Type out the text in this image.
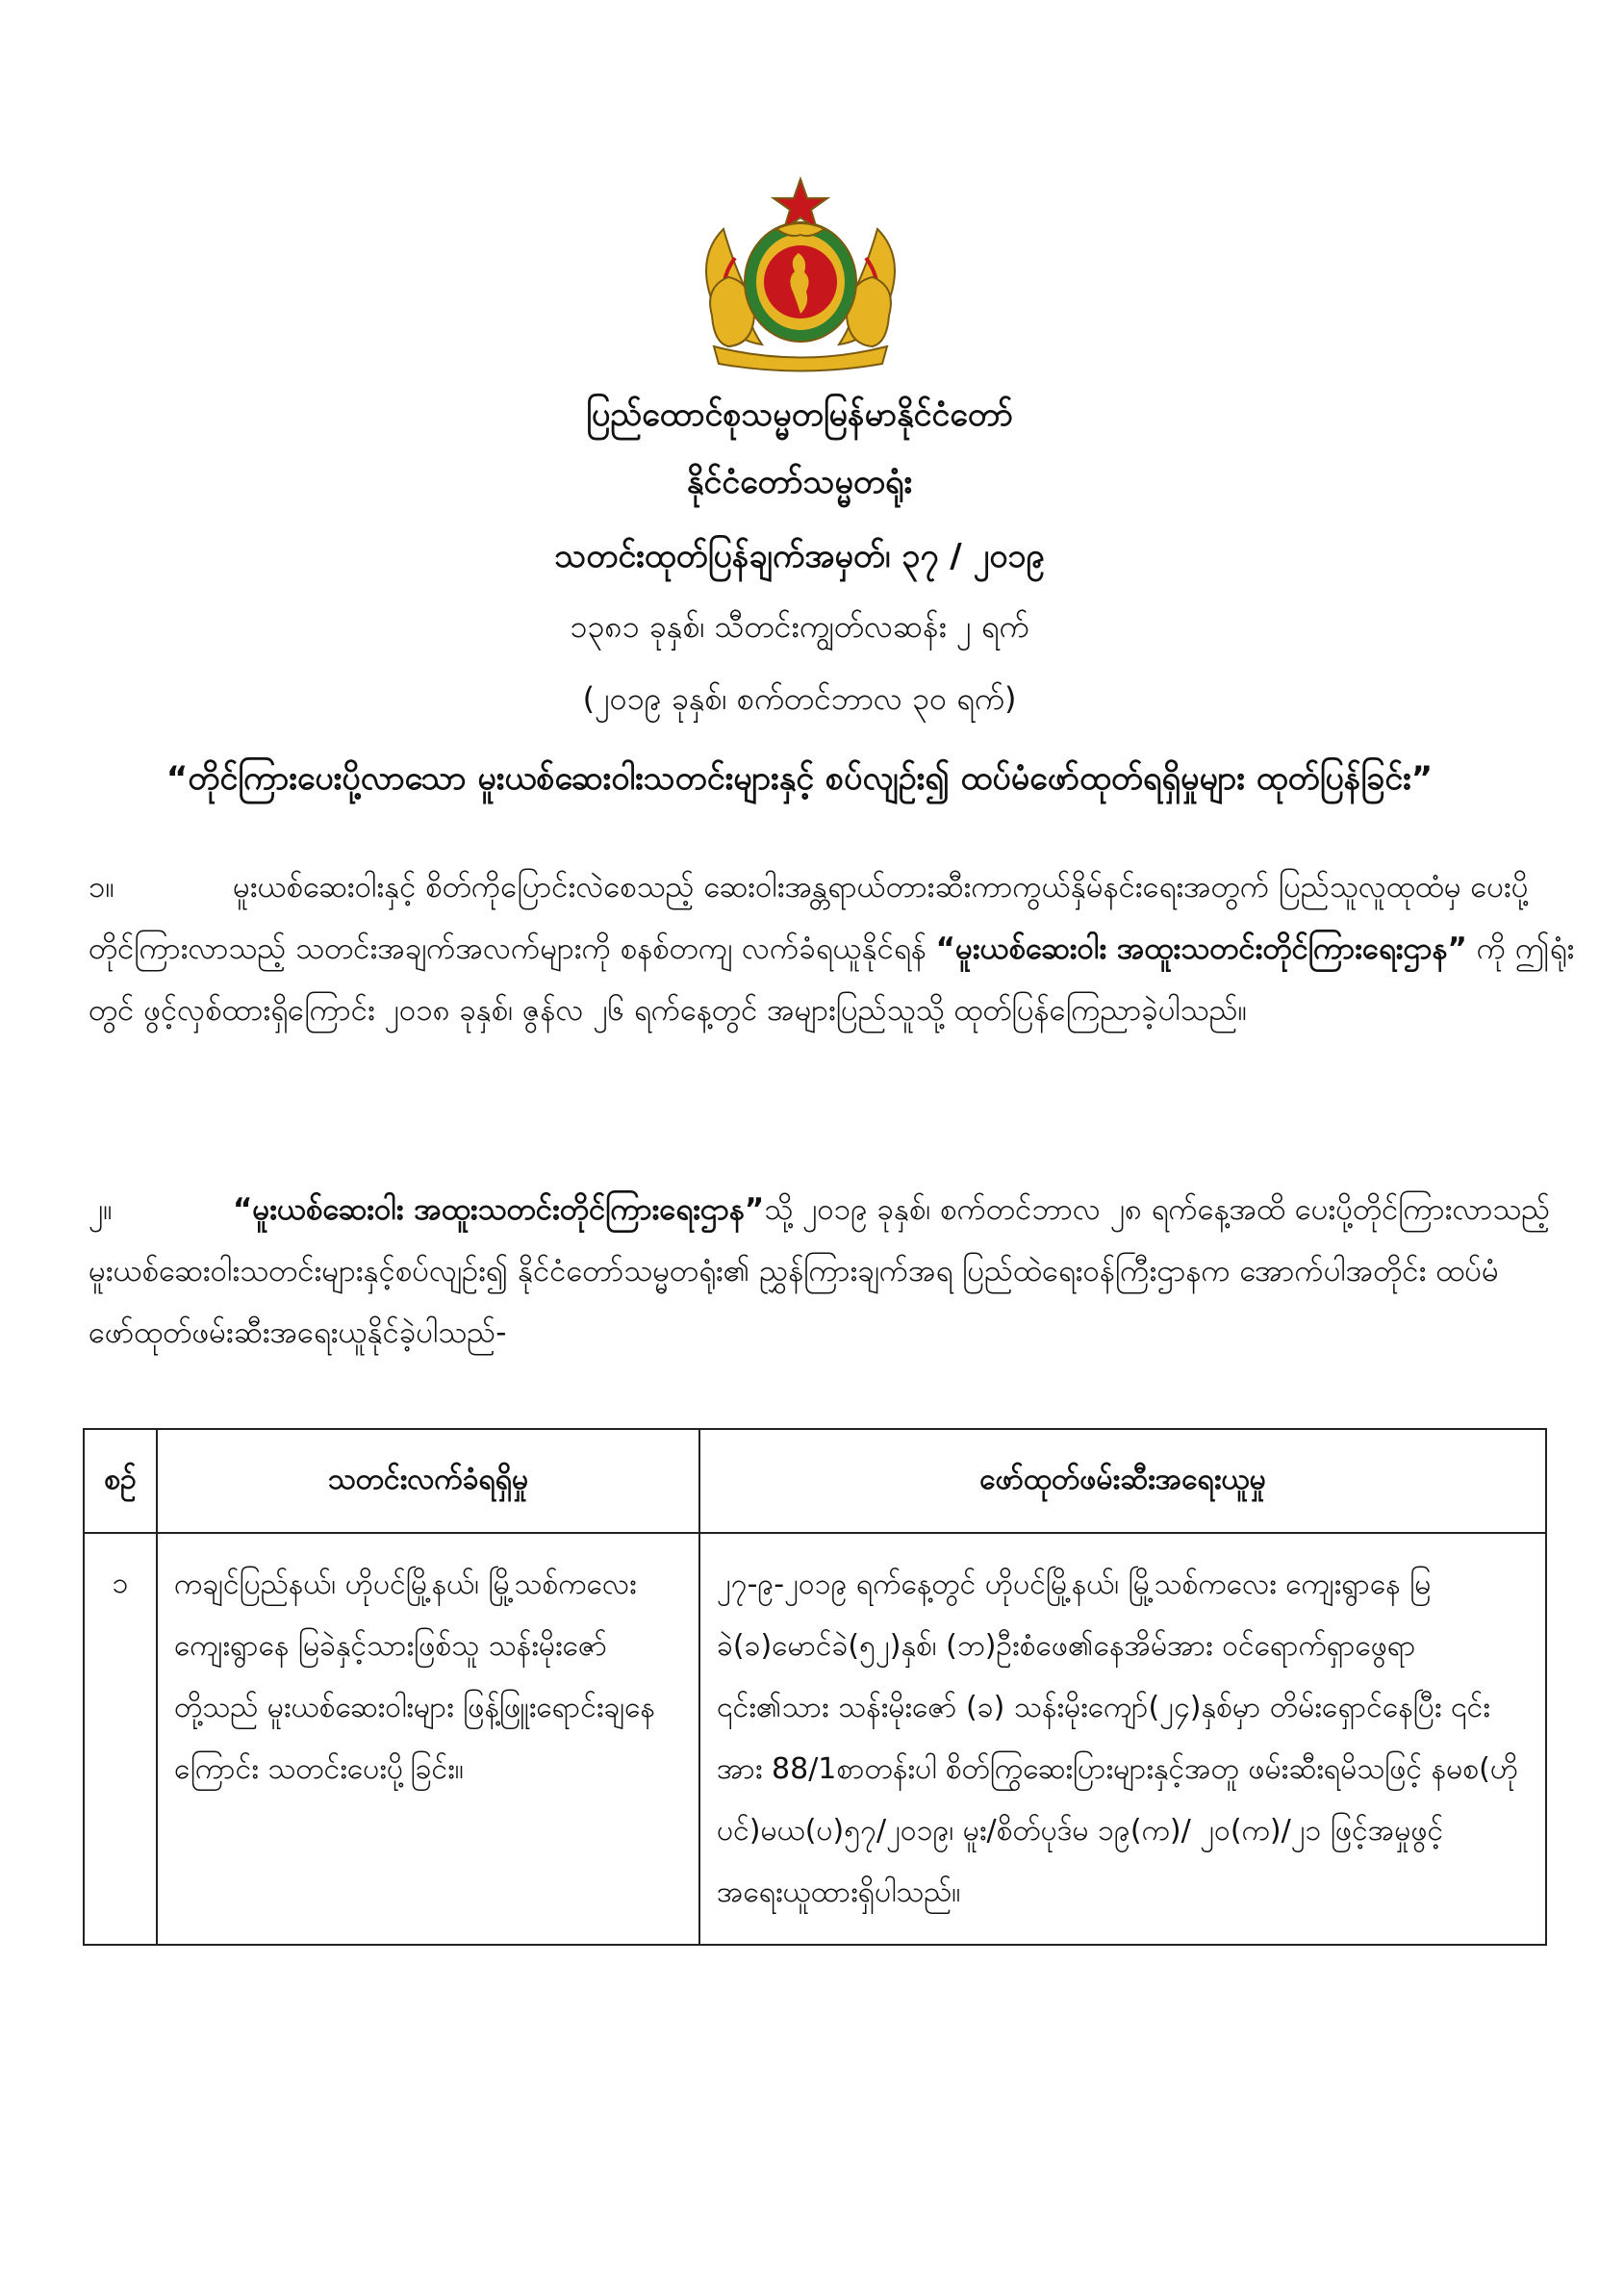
ပြည်ထောင်စုသမ္မတမြန်မာနိုင်ငံတော်
နိုင်ငံတော်သမ္မတရုံး
သတင်းထုတ်ပြန်ချက်အမှတ်၊ ၃၇ / ၂၀၁၉
၁၃၈၁ ခုနှစ်၊ သီတင်းကျွတ်လဆန်း ၂ ရက်
(၂၀၁၉ ခုနှစ်၊ စက်တင်ဘာလ ၃၀ ရက်)
“တိုင်ကြားပေးပို့လာသော မူးယစ်ဆေးဝါးသတင်းများနှင့် စပ်လျဉ်း၍ ထပ်မံဖော်ထုတ်ရရှိမှုများ ထုတ်ပြန်ခြင်း”
၁။	မူးယစ်ဆေးဝါးနှင့် စိတ်ကိုပြောင်းလဲစေသည့် ဆေးဝါးအန္တရာယ်တားဆီးကာကွယ်နှိမ်နင်းရေးအတွက် ပြည်သူလူထုထံမှ ပေးပို့တိုင်ကြားလာသည့် သတင်းအချက်အလက်များကို စနစ်တကျ လက်ခံရယူနိုင်ရန် “မူးယစ်ဆေးဝါး အထူးသတင်းတိုင်ကြားရေးဌာန” ကို ဤရုံးတွင် ဖွင့်လှစ်ထားရှိကြောင်း ၂၀၁၈ ခုနှစ်၊ ဇွန်လ ၂၆ ရက်နေ့တွင် အများပြည်သူသို့ ထုတ်ပြန်ကြေညာခဲ့ပါသည်။
၂။	“မူးယစ်ဆေးဝါး အထူးသတင်းတိုင်ကြားရေးဌာန”သို့ ၂၀၁၉ ခုနှစ်၊ စက်တင်ဘာလ ၂၈ ရက်နေ့အထိ ပေးပို့တိုင်ကြားလာသည့် မူးယစ်ဆေးဝါးသတင်းများနှင့်စပ်လျဉ်း၍ နိုင်ငံတော်သမ္မတရုံး၏ ညွှန်ကြားချက်အရ ပြည်ထဲရေးဝန်ကြီးဌာနက အောက်ပါအတိုင်း ထပ်မံဖော်ထုတ်ဖမ်းဆီးအရေးယူနိုင်ခဲ့ပါသည်-
စဉ်	သတင်းလက်ခံရရှိမှု	ဖော်ထုတ်ဖမ်းဆီးအရေးယူမှု
၁	ကချင်ပြည်နယ်၊ ဟိုပင်မြို့နယ်၊ မြို့သစ်ကလေး ကျေးရွာနေ မြခဲနှင့်သားဖြစ်သူ သန်းမိုးဇော်တို့သည် မူးယစ်ဆေးဝါးများ ဖြန့်ဖြူးရောင်းချနေကြောင်း သတင်းပေးပို့ခြင်း။	၂၇-၉-၂၀၁၉ ရက်နေ့တွင် ဟိုပင်မြို့နယ်၊ မြို့သစ်ကလေး ကျေးရွာနေ မြခဲ(ခ)မောင်ခဲ(၅၂)နှစ်၊ (ဘ)ဦးစံဖေ၏နေအိမ်အား ဝင်ရောက်ရှာဖွေရာ ၎င်း၏သား သန်းမိုးဇော် (ခ) သန်းမိုးကျော်(၂၄)နှစ်မှာ တိမ်းရှောင်နေပြီး ၎င်းအား 88/1စာတန်းပါ စိတ်ကြွဆေးပြားများနှင့်အတူ ဖမ်းဆီးရမိသဖြင့် နမစ(ဟိုပင်)မယ(ပ)၅၇/၂၀၁၉၊ မူး/စိတ်ပုဒ်မ ၁၉(က)/ ၂၀(က)/၂၁ ဖြင့်အမှုဖွင့်အရေးယူထားရှိပါသည်။
